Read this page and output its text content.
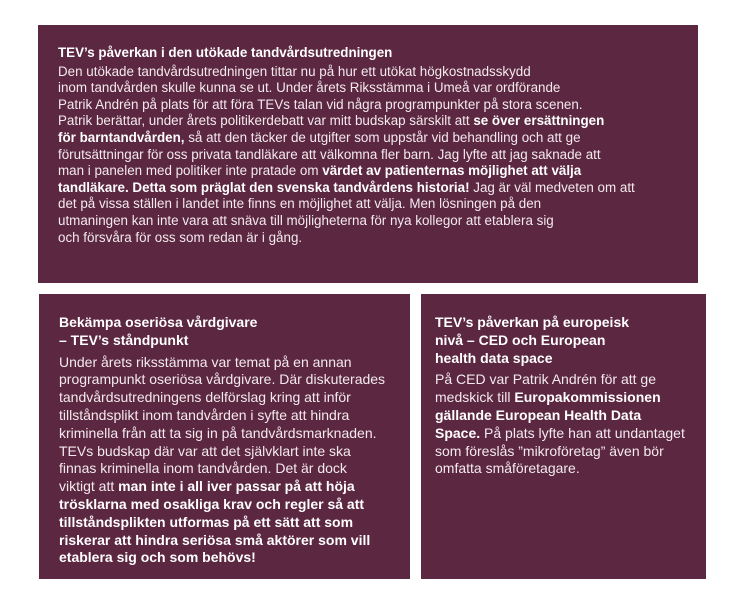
TEV’s påverkan i den utökade tandvårdsutredningen

Den utökade tandvårdsutredningen tittar nu på hur ett utökat högkostnadsskydd
inom tandvården skulle kunna se ut. Under årets Riksstämma i Umeå var ordförande
Patrik Andrén på plats för att föra TEVs talan vid några programpunkter på stora scenen.
Patrik berättar, under årets politikerdebatt var mitt budskap särskilt att se över ersättningen
för barntandvården, så att den täcker de utgifter som uppstår vid behandling och att ge
förutsättningar för oss privata tandläkare att välkomna fler barn. Jag lyfte att jag saknade att
man i panelen med politiker inte pratade om värdet av patienternas möjlighet att välja
tandläkare. Detta som präglat den svenska tandvårdens historia! Jag är väl medveten om att
det på vissa ställen i landet inte finns en möjlighet att välja. Men lösningen på den
utmaningen kan inte vara att snäva till möjligheterna för nya kollegor att etablera sig
och försvåra för oss som redan är i gång.

Bekämpa oseriösa vårdgivare
– TEV’s ståndpunkt

Under årets riksstämma var temat på en annan
programpunkt oseriösa vårdgivare. Där diskuterades
tandvårdsutredningens delförslag kring att inför
tillståndsplikt inom tandvården i syfte att hindra
kriminella från att ta sig in på tandvårdsmarknaden.
TEVs budskap där var att det självklart inte ska
finnas kriminella inom tandvården. Det är dock
viktigt att man inte i all iver passar på att höja
trösklarna med osakliga krav och regler så att
tillståndsplikten utformas på ett sätt att som
riskerar att hindra seriösa små aktörer som vill
etablera sig och som behövs!

TEV’s påverkan på europeisk
nivå – CED och European
health data space

På CED var Patrik Andrén för att ge
medskick till Europakommissionen
gällande European Health Data
Space. På plats lyfte han att undantaget
som föreslås ”mikroföretag” även bör
omfatta småföretagare.
